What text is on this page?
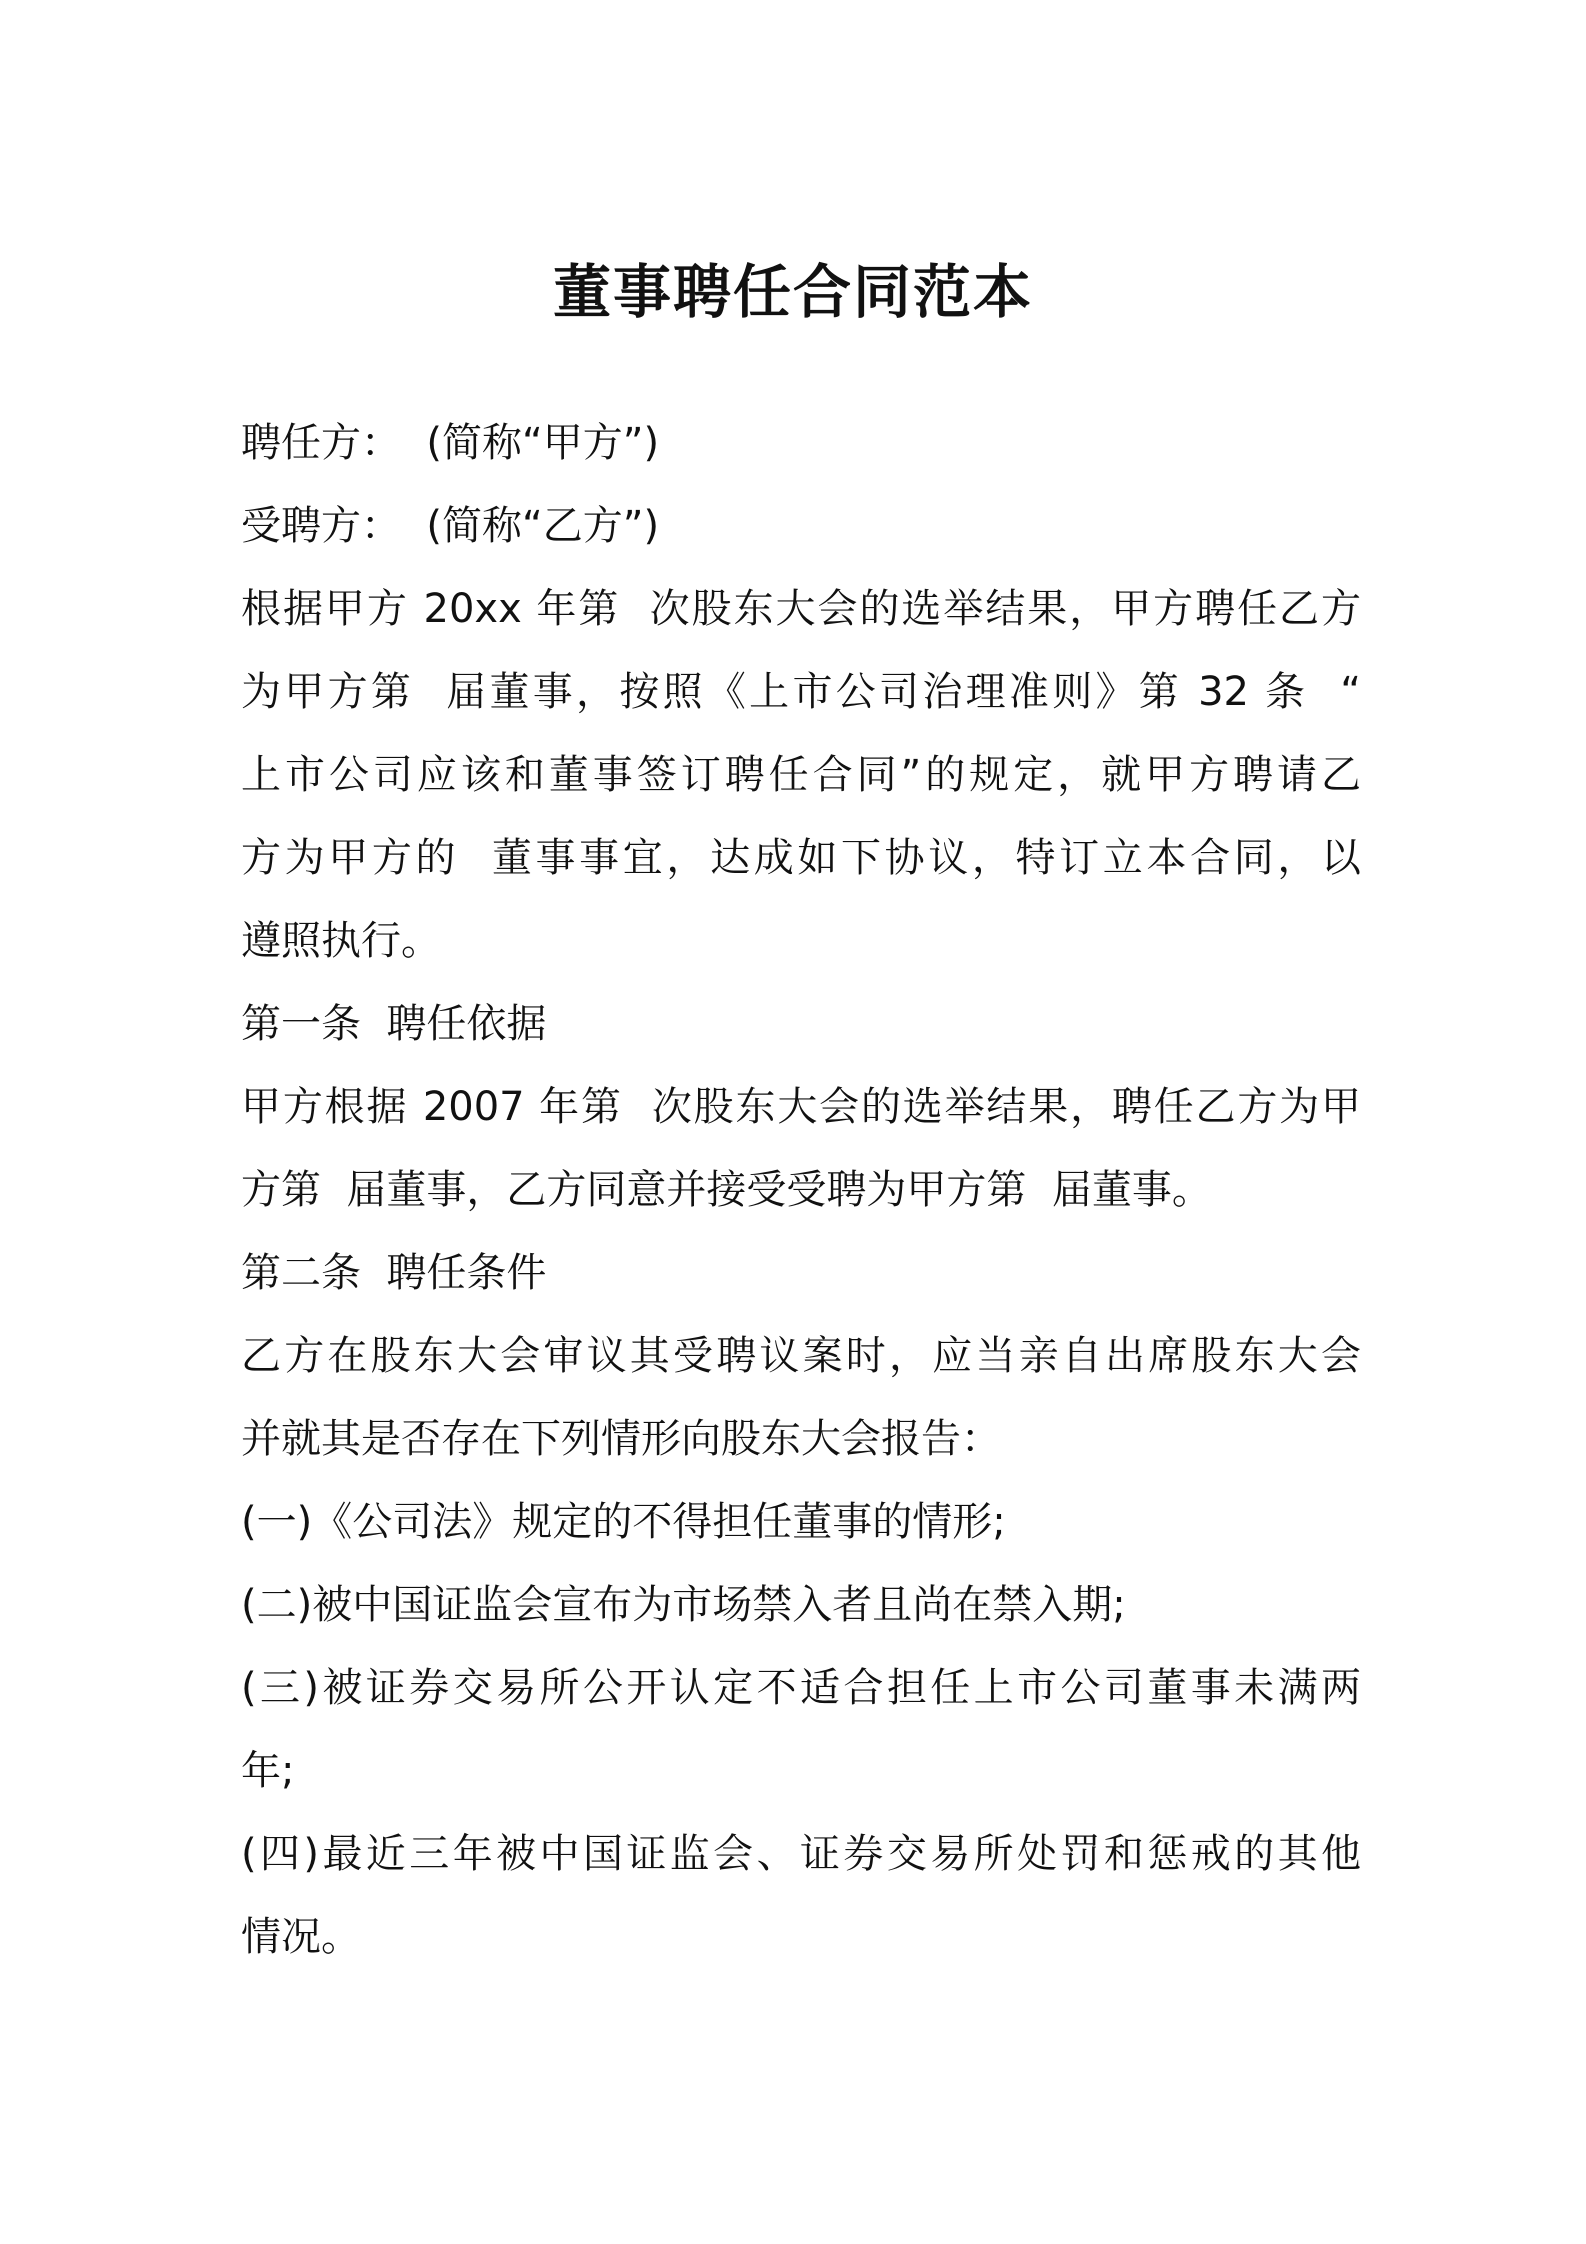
董事聘任合同范本
聘任方：  (简称“甲方”)
受聘方：  (简称“乙方”)
根据甲方 20xx 年第  次股东大会的选举结果，甲方聘任乙方
为甲方第  届董事，按照《上市公司治理准则》第 32 条  “
上市公司应该和董事签订聘任合同”的规定，就甲方聘请乙
方为甲方的  董事事宜，达成如下协议，特订立本合同，以
遵照执行。
第一条  聘任依据
甲方根据 2007 年第  次股东大会的选举结果，聘任乙方为甲
方第  届董事，乙方同意并接受受聘为甲方第  届董事。
第二条  聘任条件
乙方在股东大会审议其受聘议案时，应当亲自出席股东大会
并就其是否存在下列情形向股东大会报告：
(一)《公司法》规定的不得担任董事的情形;
(二)被中国证监会宣布为市场禁入者且尚在禁入期;
(三)被证券交易所公开认定不适合担任上市公司董事未满两
年;
(四)最近三年被中国证监会、证券交易所处罚和惩戒的其他
情况。
